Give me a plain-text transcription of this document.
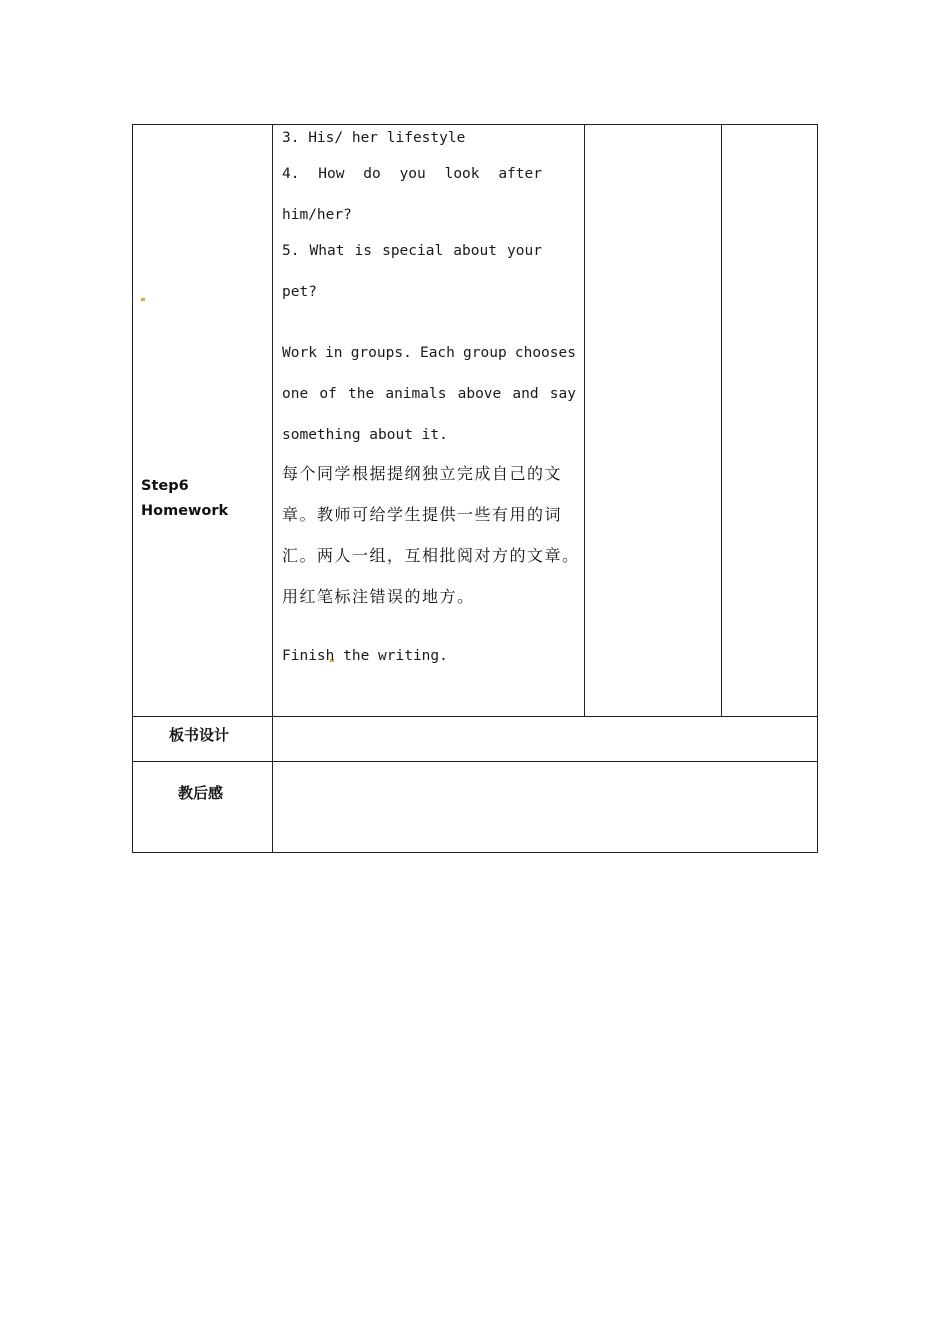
Step6
Homework
3. His/ her lifestyle
4. How do you look after
him/her?
5. What is special about your
pet?
Work in groups. Each group chooses
one of the animals above and say
something about it.
每个同学根据提纲独立完成自己的文
章。教师可给学生提供一些有用的词
汇。两人一组，互相批阅对方的文章。
用红笔标注错误的地方。
Finish the writing.
板书设计
教后感
